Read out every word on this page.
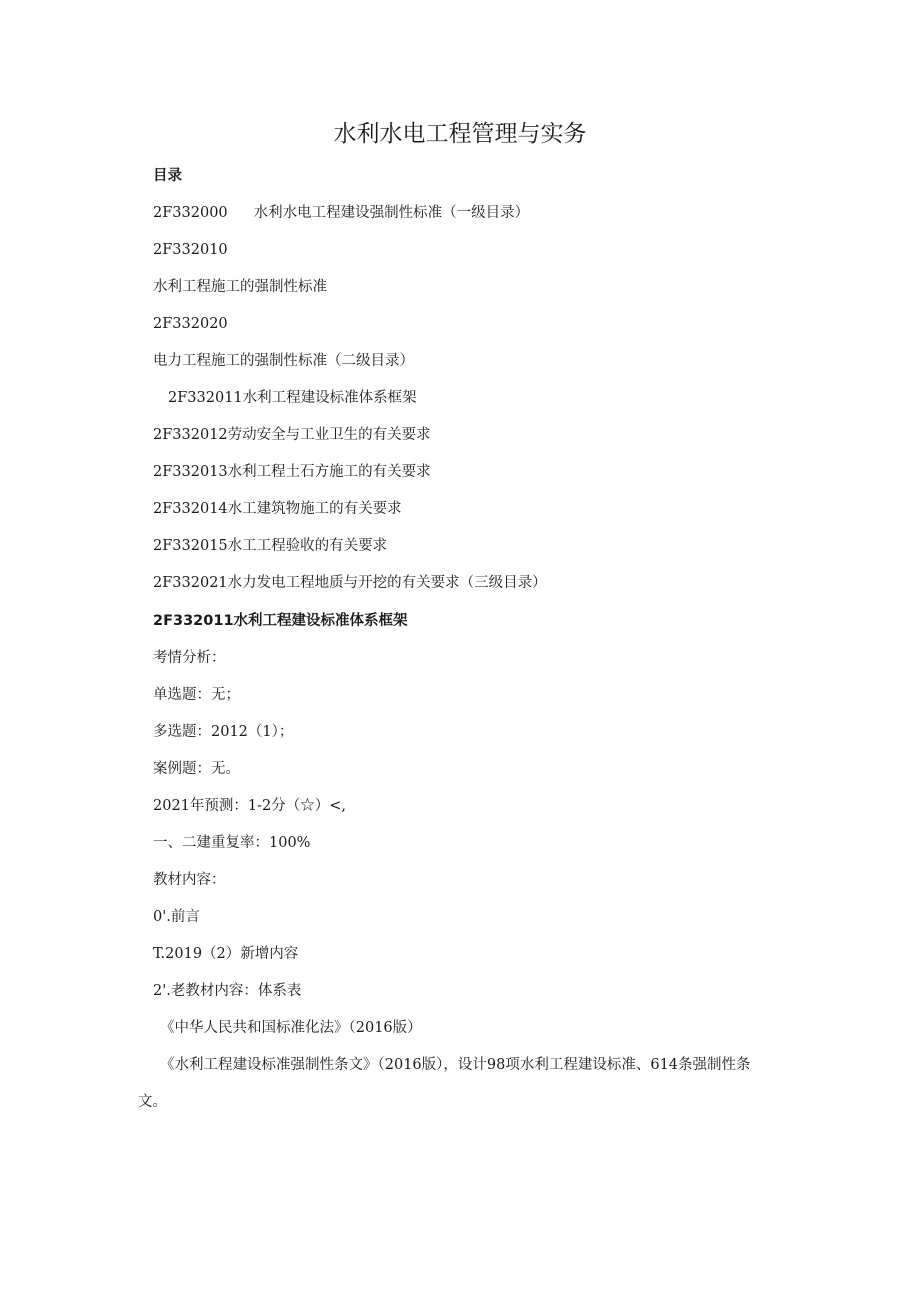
水利水电工程管理与实务
目录
2F332000 水利水电工程建设强制性标准（一级目录）
2F332010
水利工程施工的强制性标准
2F332020
电力工程施工的强制性标准（二级目录）
2F332011水利工程建设标准体系框架
2F332012劳动安全与工业卫生的有关要求
2F332013水利工程土石方施工的有关要求
2F332014水工建筑物施工的有关要求
2F332015水工工程验收的有关要求
2F332021水力发电工程地质与开挖的有关要求（三级目录）
2F332011水利工程建设标准体系框架
考情分析：
单选题：无；
多选题：2012（1）；
案例题：无。
2021年预测：1-2分（☆）<,
一、二建重复率：100%
教材内容：
0'.前言
T.2019（2）新增内容
2'.老教材内容：体系表
《中华人民共和国标准化法》（2016版）
《水利工程建设标准强制性条文》（2016版），设计98项水利工程建设标准、614条强制性条文。
